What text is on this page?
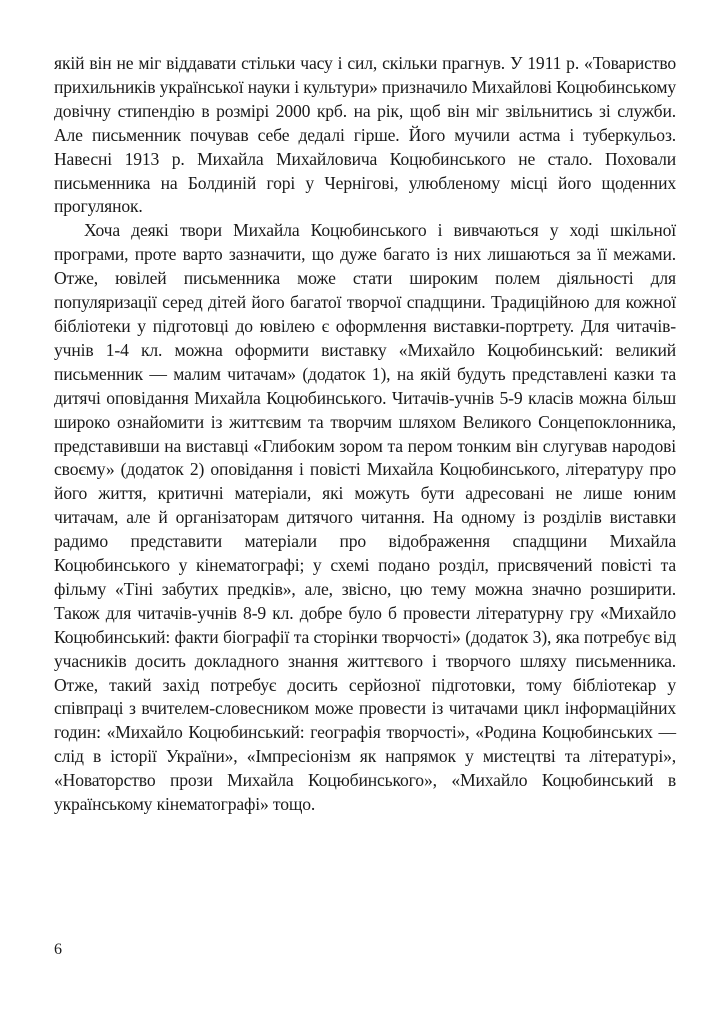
якій він не міг віддавати стільки часу і сил, скільки прагнув. У 1911 р. «Товариство прихильників української науки і культури» призначило Михайлові Коцюбинському довічну стипендію в розмірі 2000 крб. на рік, щоб він міг звільнитись зі служби. Але письменник почував себе дедалі гірше. Його мучили астма і туберкульоз. Навесні 1913 р. Михайла Михайловича Коцюбинського не стало. Поховали письменника на Болдиній горі у Чернігові, улюбленому місці його щоденних прогулянок.

Хоча деякі твори Михайла Коцюбинського і вивчаються у ході шкільної програми, проте варто зазначити, що дуже багато із них лишаються за її межами. Отже, ювілей письменника може стати широким полем діяльності для популяризації серед дітей його багатої творчої спадщини. Традиційною для кожної бібліотеки у підготовці до ювілею є оформлення виставки-портрету. Для читачів-учнів 1-4 кл. можна оформити виставку «Михайло Коцюбинський: великий письменник — малим читачам» (додаток 1), на якій будуть представлені казки та дитячі оповідання Михайла Коцюбинського. Читачів-учнів 5-9 класів можна більш широко ознайомити із життєвим та творчим шляхом Великого Сонцепоклонника, представивши на виставці «Глибоким зором та пером тонким він слугував народові своєму» (додаток 2) оповідання і повісті Михайла Коцюбинського, літературу про його життя, критичні матеріали, які можуть бути адресовані не лише юним читачам, але й організаторам дитячого читання. На одному із розділів виставки радимо представити матеріали про відображення спадщини Михайла Коцюбинського у кінематографі; у схемі подано розділ, присвячений повісті та фільму «Тіні забутих предків», але, звісно, цю тему можна значно розширити. Також для читачів-учнів 8-9 кл. добре було б провести літературну гру «Михайло Коцюбинський: факти біографії та сторінки творчості» (додаток 3), яка потребує від учасників досить докладного знання життєвого і творчого шляху письменника. Отже, такий захід потребує досить серйозної підготовки, тому бібліотекар у співпраці з вчителем-словесником може провести із читачами цикл інформаційних годин: «Михайло Коцюбинський: географія творчості», «Родина Коцюбинських — слід в історії України», «Імпресіонізм як напрямок у мистецтві та літературі», «Новаторство прози Михайла Коцюбинського», «Михайло Коцюбинський в українському кінематографі» тощо.

6
